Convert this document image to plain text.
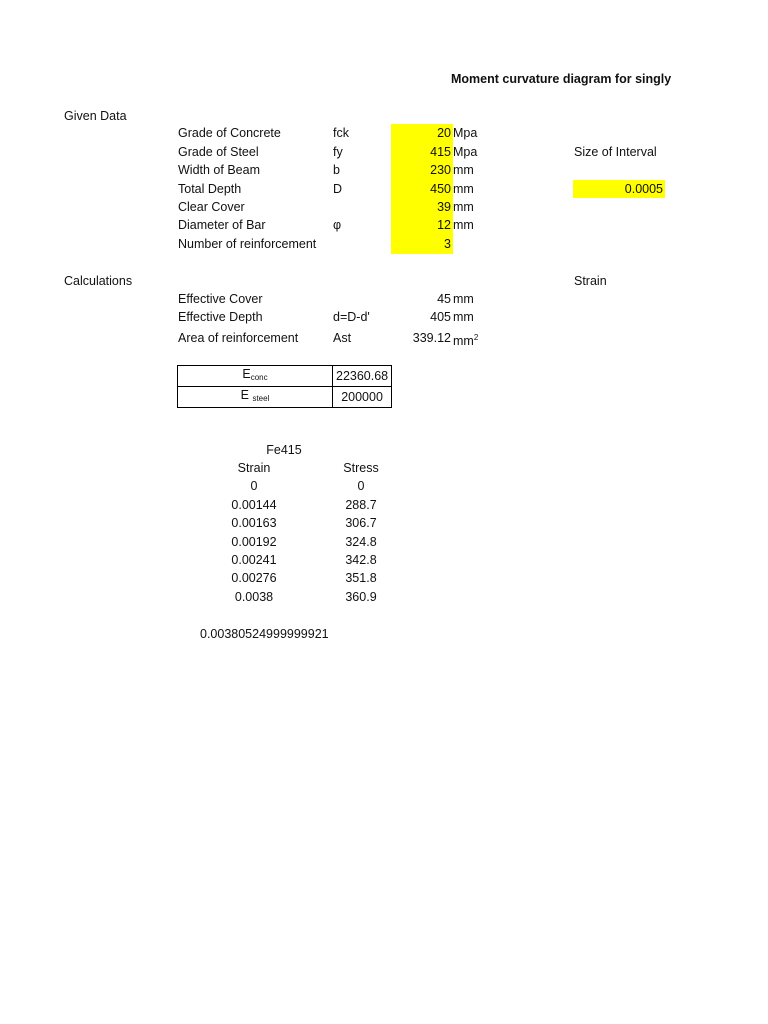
Moment curvature diagram for singly
Given Data
Grade of Concrete	fck	20 Mpa
Grade of Steel	fy	415 Mpa
Width of Beam	b	230 mm
Total Depth	D	450 mm
Clear Cover	39 mm
Diameter of Bar	φ	12 mm
Number of reinforcement	3
Size of Interval
0.0005
Calculations	Strain
Effective Cover	45 mm
Effective Depth	d=D-d'	405 mm
Area of reinforcement	Ast	339.12 $mm^2$
$E_{conc}$	22360.68
E $_{steel}$	200000
Fe415
Strain	Stress
0	0
0.00144	288.7
0.00163	306.7
0.00192	324.8
0.00241	342.8
0.00276	351.8
0.0038	360.9
0.00380524999999921
